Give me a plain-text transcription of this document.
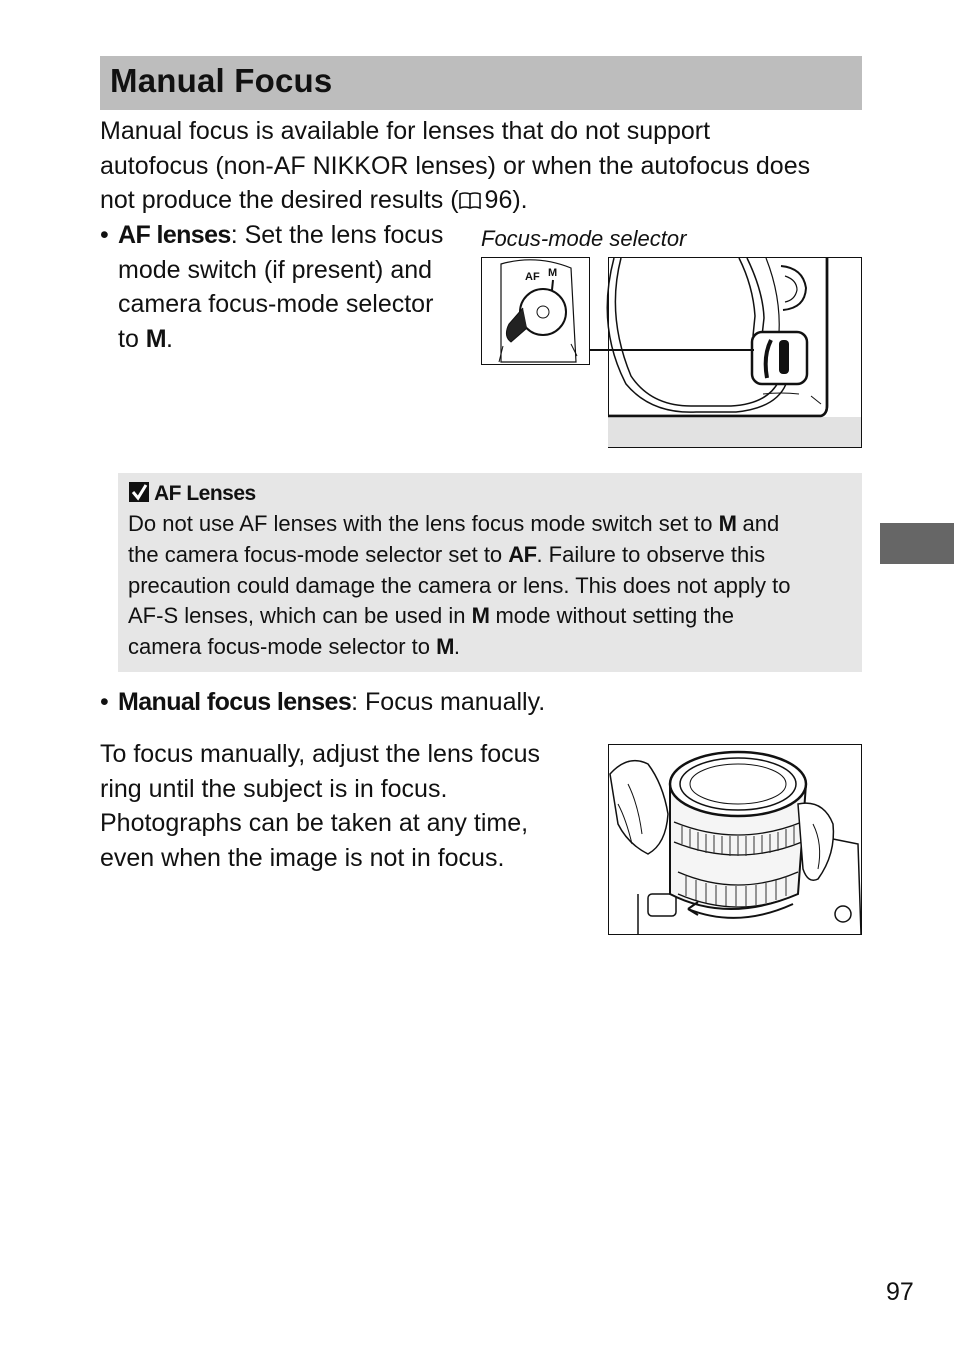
Manual Focus
Manual focus is available for lenses that do not support
autofocus (non-AF NIKKOR lenses) or when the autofocus does
not produce the desired results ( 96).
• AF lenses: Set the lens focus
mode switch (if present) and
camera focus-mode selector
to M.
Focus-mode selector
AF M
AF Lenses
Do not use AF lenses with the lens focus mode switch set to M and
the camera focus-mode selector set to AF. Failure to observe this
precaution could damage the camera or lens. This does not apply to
AF-S lenses, which can be used in M mode without setting the
camera focus-mode selector to M.
• Manual focus lenses: Focus manually.
To focus manually, adjust the lens focus
ring until the subject is in focus.
Photographs can be taken at any time,
even when the image is not in focus.
97
